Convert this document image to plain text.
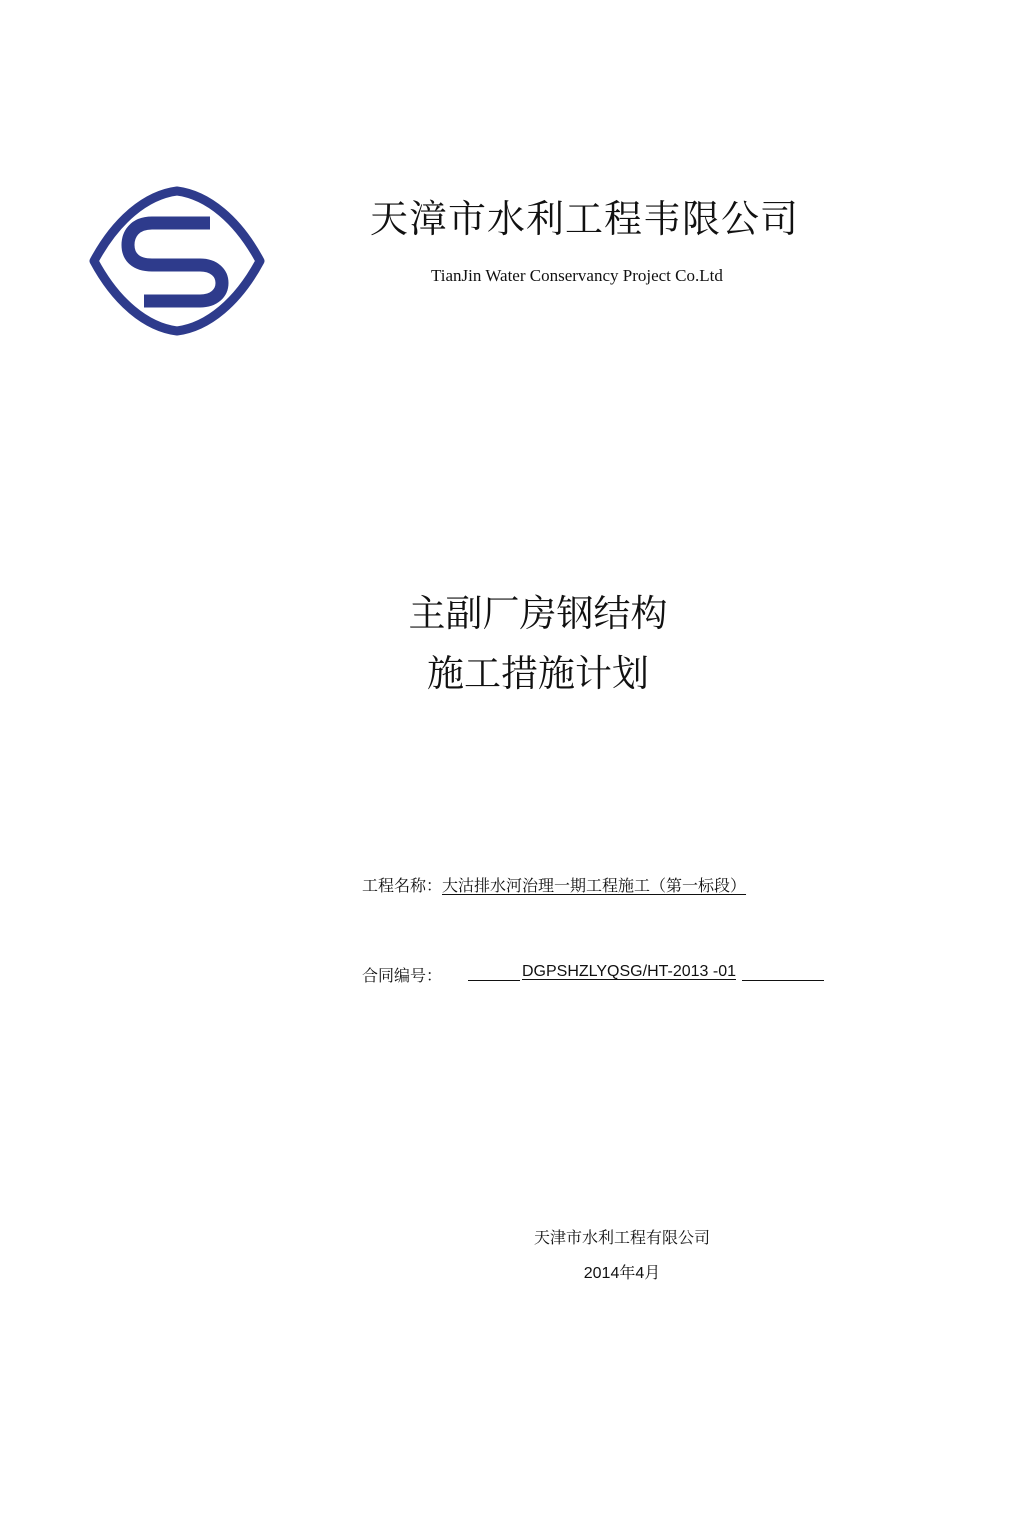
天漳市水利工程韦限公司
TianJin Water Conservancy Project Co.Ltd
主副厂房钢结构
施工措施计划
工程名称：大沽排水河治理一期工程施工（第一标段）
合同编号：	DGPSHZLYQSG/HT-2013 -01
天津市水利工程有限公司
2014年4月
